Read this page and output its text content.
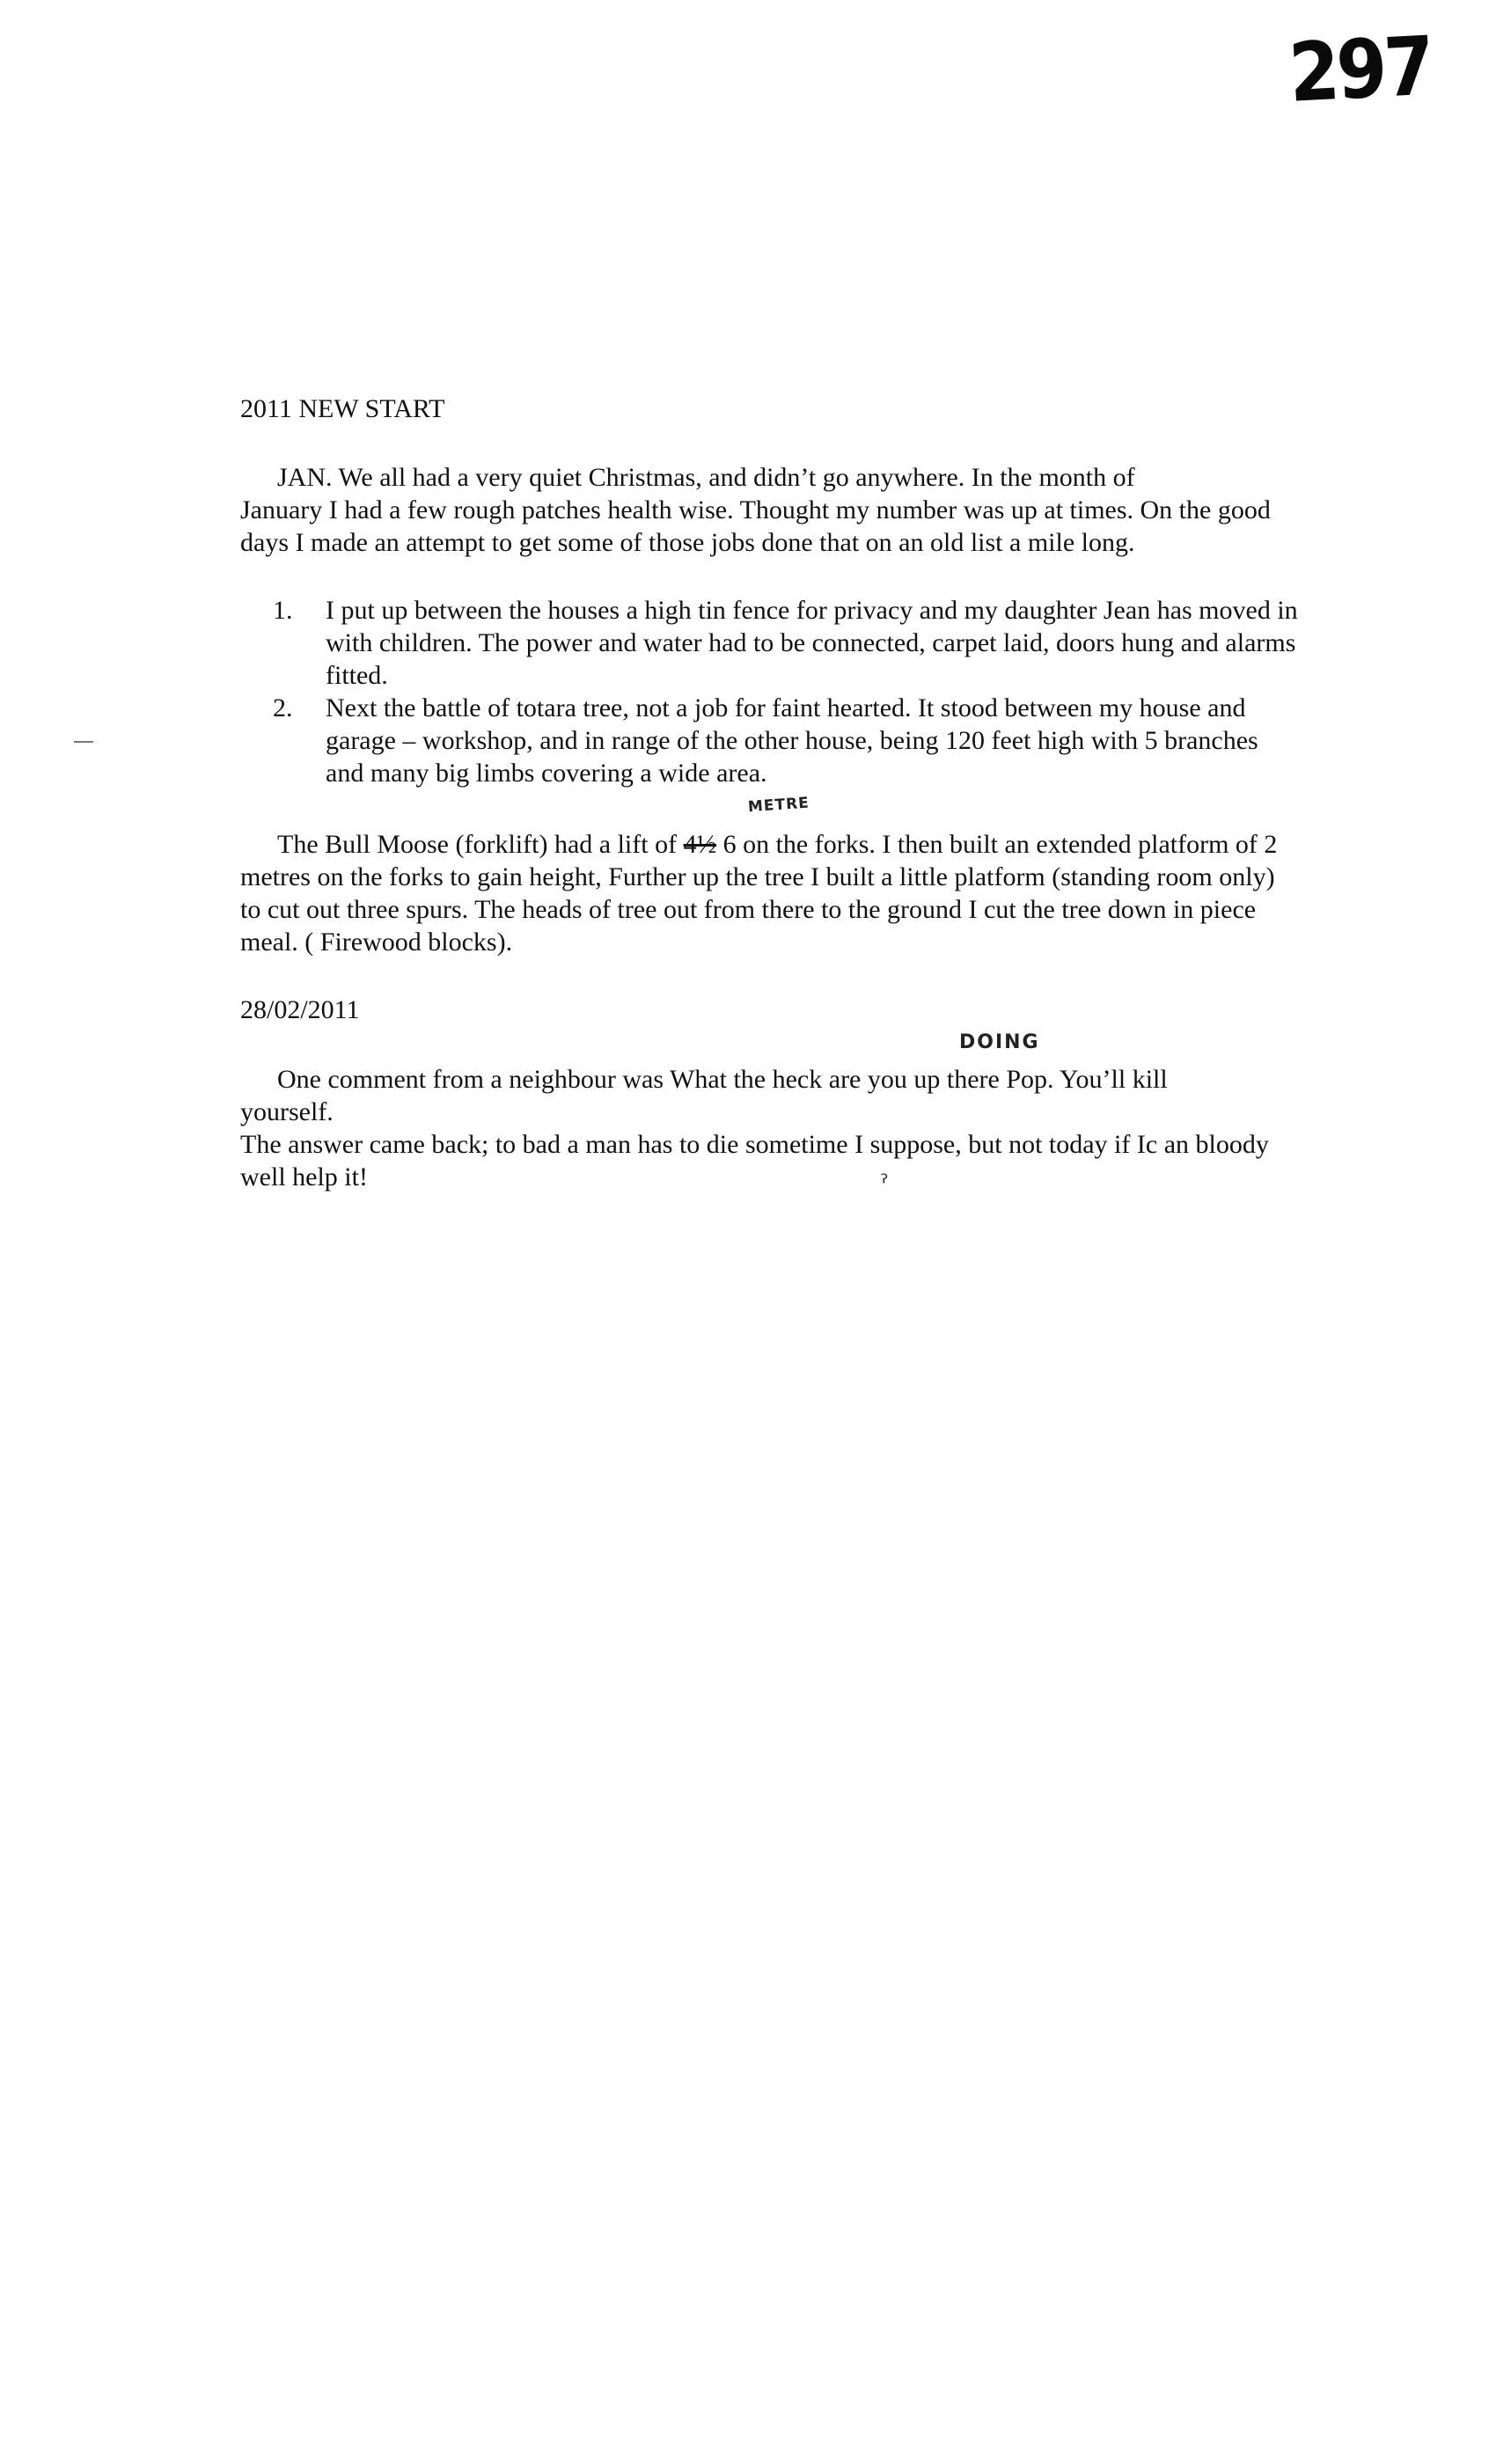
297
2011 NEW START
JAN. We all had a very quiet Christmas, and didn’t go anywhere. In the month of
January I had a few rough patches health wise. Thought my number was up at times. On the good days I made an attempt to get some of those jobs done that on an old list a mile long.
1. I put up between the houses a high tin fence for privacy and my daughter Jean has moved in with children. The power and water had to be connected, carpet laid, doors hung and alarms fitted.
2. Next the battle of totara tree, not a job for faint hearted. It stood between my house and garage – workshop, and in range of the other house, being 120 feet high with 5 branches and many big limbs covering a wide area.
METRE
The Bull Moose (forklift) had a lift of 4½ 6 on the forks. I then built an extended platform of 2 metres on the forks to gain height, Further up the tree I built a little platform (standing room only) to cut out three spurs. The heads of tree out from there to the ground I cut the tree down in piece meal. ( Firewood blocks).
28/02/2011
DOING
One comment from a neighbour was What the heck are you up there Pop. You’ll kill
yourself.
The answer came back; to bad a man has to die sometime I suppose, but not today if Ic an bloody well help it!	ˀ
